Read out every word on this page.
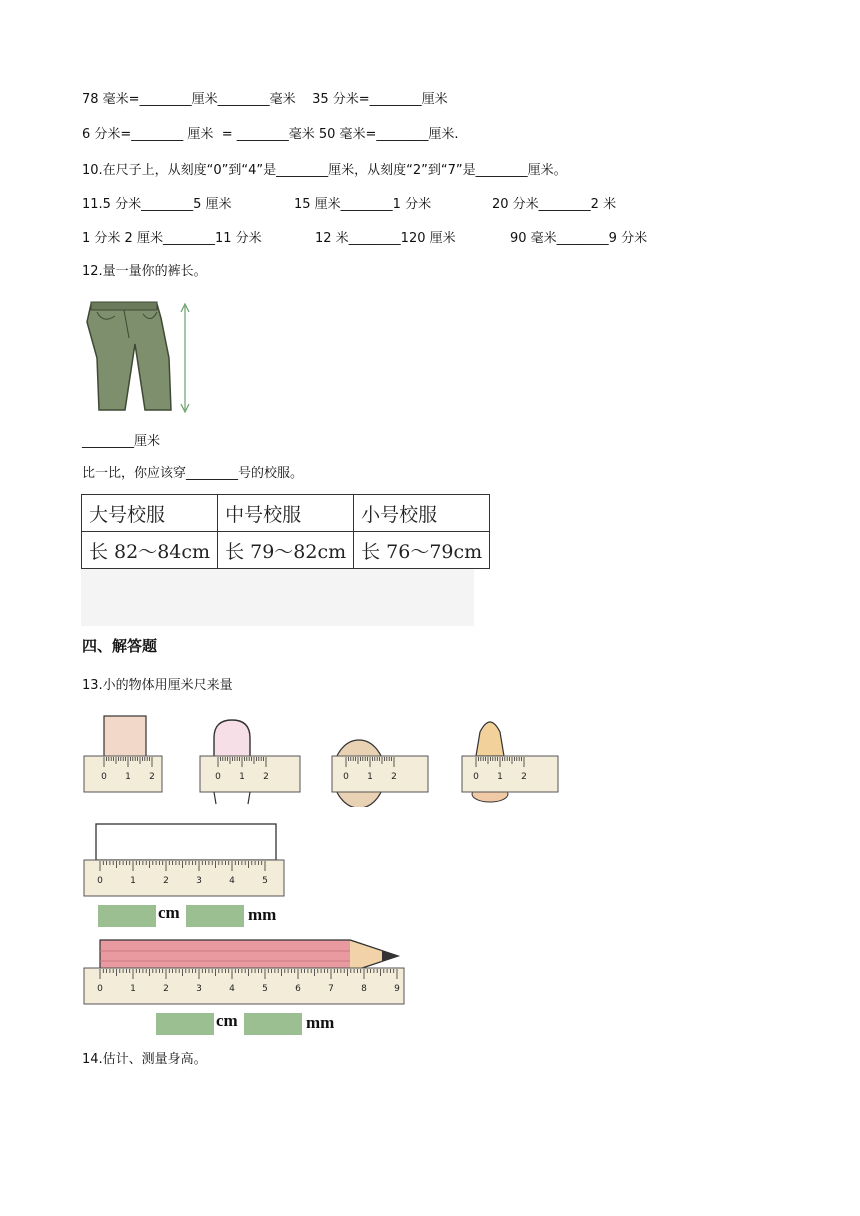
78 毫米=________厘米________毫米    35 分米=________厘米
6 分米=________ 厘米  = ________毫米 50 毫米=________厘米.
10.在尺子上，从刻度“0”到“4”是________厘米，从刻度“2”到“7”是________厘米。
11.5 分米________5 厘米	15 厘米________1 分米	20 分米________2 米
1 分米 2 厘米________11 分米	12 米________120 厘米	90 毫米________9 分米
12.量一量你的裤长。
________厘米
比一比，你应该穿________号的校服。
大号校服	中号校服	小号校服
长 82～84cm	长 79～82cm	长 76～79cm
四、解答题
13.小的物体用厘米尺来量
0 1 2	0 1 2	0 1 2	0 1 2
0	1	2	3	4	5
cm	mm
0	1	2	3	4	5	6	7	8	9
cm	mm
14.估计、测量身高。
